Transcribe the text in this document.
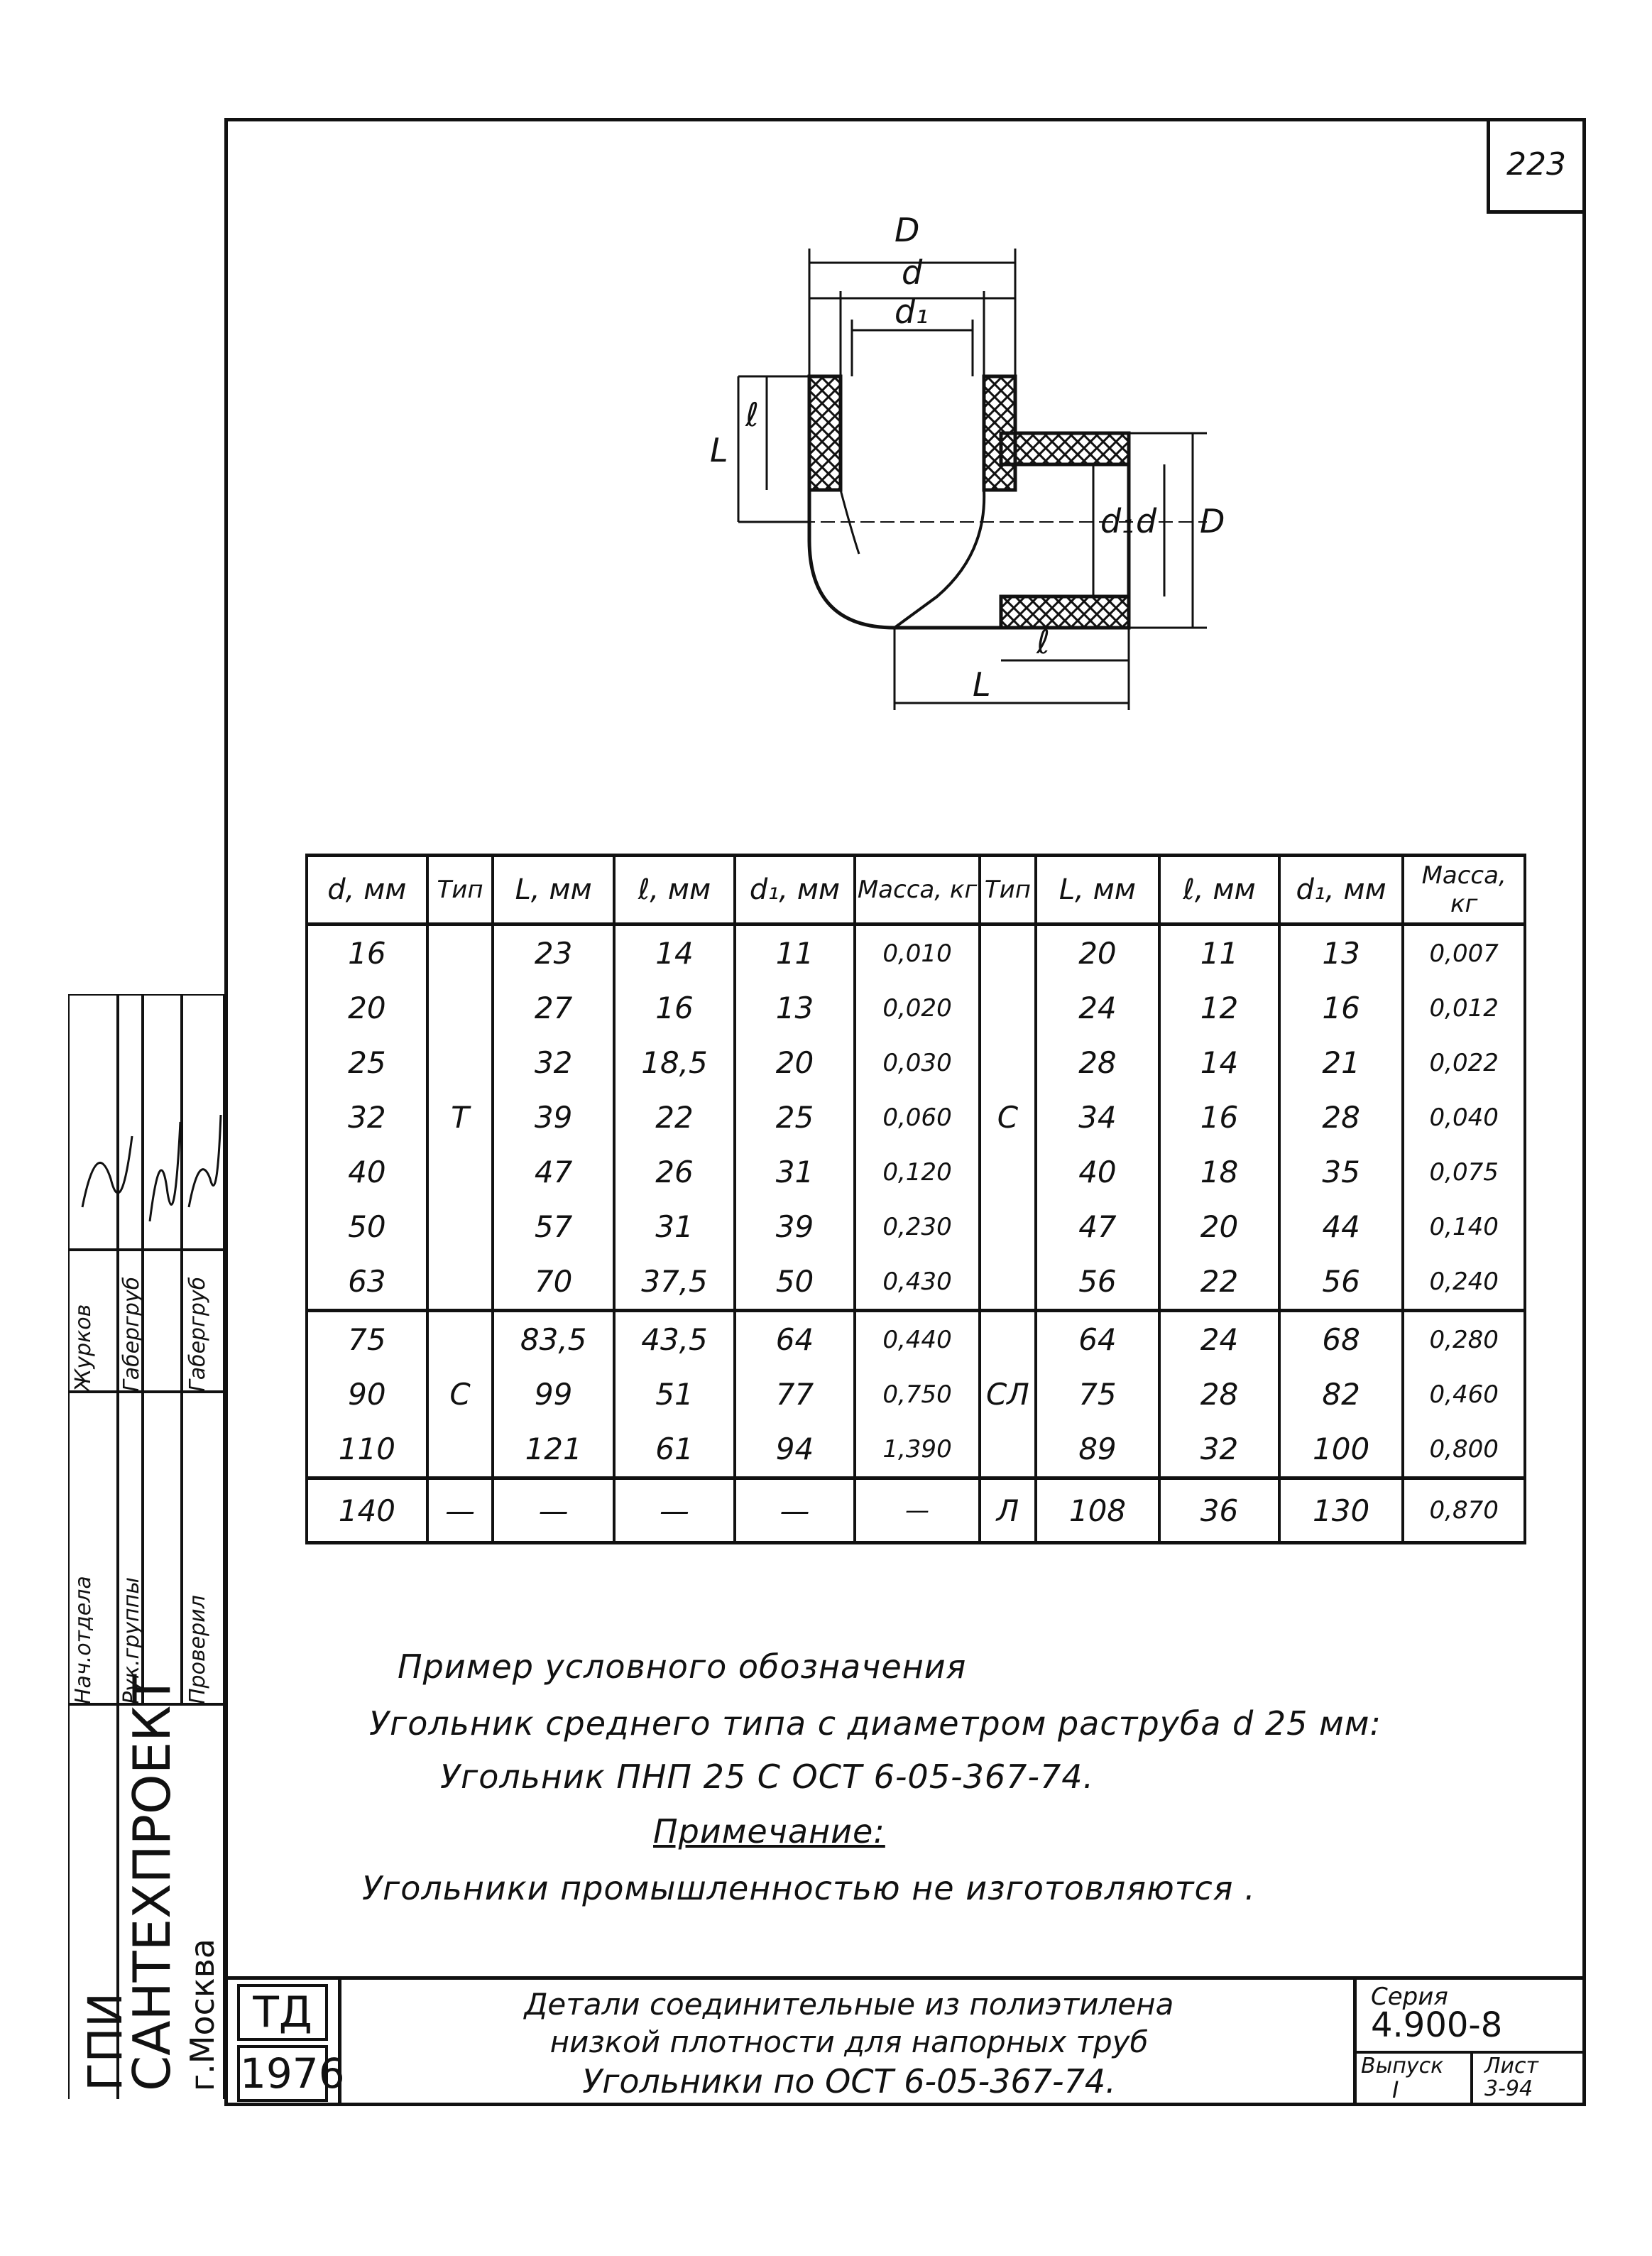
223
D
d
d₁
ℓ
L
d₁ d D
ℓ
L
d, мм	Тип	L, мм	ℓ, мм	d₁, мм	Масса, кг	Тип	L, мм	ℓ, мм	d₁, мм	Масса, кг
16		23	14	11	0,010		20	11	13	0,007
20		27	16	13	0,020		24	12	16	0,012
25		32	18,5	20	0,030		28	14	21	0,022
32	Т	39	22	25	0,060	С	34	16	28	0,040
40		47	26	31	0,120		40	18	35	0,075
50		57	31	39	0,230		47	20	44	0,140
63		70	37,5	50	0,430		56	22	56	0,240
75		83,5	43,5	64	0,440		64	24	68	0,280
90	С	99	51	77	0,750	СЛ	75	28	82	0,460
110		121	61	94	1,390		89	32	100	0,800
140	—	—	—	—	—	Л	108	36	130	0,870
Пример условного обозначения
Угольник среднего типа с диаметром раструба d 25 мм:
Угольник ПНП 25 С ОСТ 6-05-367-74.
Примечание:
Угольники промышленностью не изготовляются .
Нач.отдела Рук.группы Проверил
Журков Габергруб Габергруб
ГПИ
САНТЕХПРОЕКТ г.Москва ТД
1976
Детали соединительные из полиэтилена
низкой плотности для напорных труб
Угольники по ОСТ 6-05-367-74.
Серия
4.900-8
Выпуск
I
Лист
3-94
